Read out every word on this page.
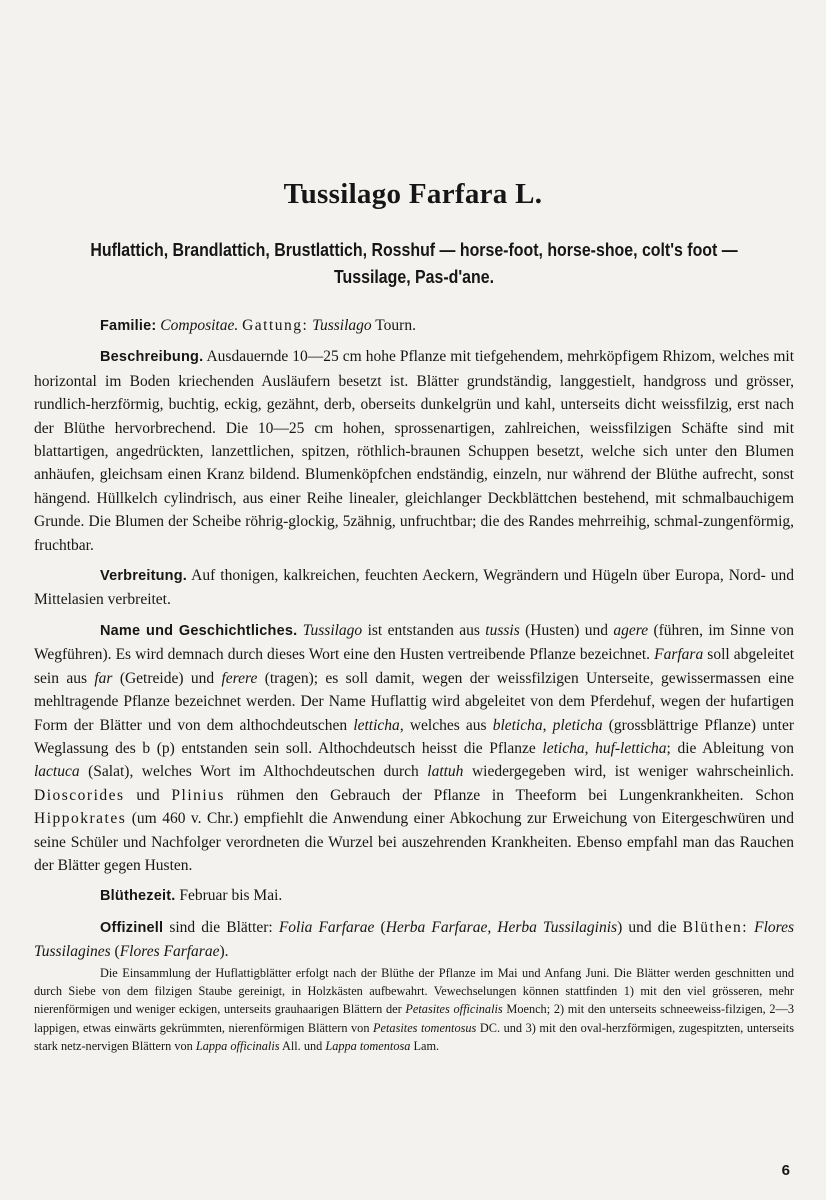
Tussilago Farfara L.
Huflattich, Brandlattich, Brustlattich, Rosshuf — horse-foot, horse-shoe, colt's foot —
Tussilage, Pas-d'ane.

Familie: Compositae. Gattung: Tussilago Tourn.

Beschreibung. Ausdauernde 10—25 cm hohe Pflanze mit tiefgehendem, mehrköpfigem Rhizom, welches mit horizontal im Boden kriechenden Ausläufern besetzt ist. Blätter grundständig, langgestielt, handgross und grösser, rundlich-herzförmig, buchtig, eckig, gezähnt, derb, oberseits dunkelgrün und kahl, unterseits dicht weissfilzig, erst nach der Blüthe hervorbrechend. Die 10—25 cm hohen, sprossenartigen, zahlreichen, weissfilzigen Schäfte sind mit blattartigen, angedrückten, lanzettlichen, spitzen, röthlich-braunen Schuppen besetzt, welche sich unter den Blumen anhäufen, gleichsam einen Kranz bildend. Blumenköpfchen endständig, einzeln, nur während der Blüthe aufrecht, sonst hängend. Hüllkelch cylindrisch, aus einer Reihe linealer, gleichlanger Deckblättchen bestehend, mit schmalbauchigem Grunde. Die Blumen der Scheibe röhrig-glockig, 5zähnig, unfruchtbar; die des Randes mehrreihig, schmal-zungenförmig, fruchtbar.

Verbreitung. Auf thonigen, kalkreichen, feuchten Aeckern, Wegrändern und Hügeln über Europa, Nord- und Mittelasien verbreitet.

Name und Geschichtliches. Tussilago ist entstanden aus tussis (Husten) und agere (führen, im Sinne von Wegführen). Es wird demnach durch dieses Wort eine den Husten vertreibende Pflanze bezeichnet. Farfara soll abgeleitet sein aus far (Getreide) und ferere (tragen); es soll damit, wegen der weissfilzigen Unterseite, gewissermassen eine mehltragende Pflanze bezeichnet werden. Der Name Huflattig wird abgeleitet von dem Pferdehuf, wegen der hufartigen Form der Blätter und von dem althochdeutschen letticha, welches aus bleticha, pleticha (grossblättrige Pflanze) unter Weglassung des b (p) entstanden sein soll. Althochdeutsch heisst die Pflanze leticha, huf-letticha; die Ableitung von lactuca (Salat), welches Wort im Althochdeutschen durch lattuh wiedergegeben wird, ist weniger wahrscheinlich. Dioscorides und Plinius rühmen den Gebrauch der Pflanze in Theeform bei Lungenkrankheiten. Schon Hippokrates (um 460 v. Chr.) empfiehlt die Anwendung einer Abkochung zur Erweichung von Eitergeschwüren und seine Schüler und Nachfolger verordneten die Wurzel bei auszehrenden Krankheiten. Ebenso empfahl man das Rauchen der Blätter gegen Husten.

Blüthezeit. Februar bis Mai.

Offizinell sind die Blätter: Folia Farfarae (Herba Farfarae, Herba Tussilaginis) und die Blüthen: Flores Tussilagines (Flores Farfarae).

Die Einsammlung der Huflattigblätter erfolgt nach der Blüthe der Pflanze im Mai und Anfang Juni. Die Blätter werden geschnitten und durch Siebe von dem filzigen Staube gereinigt, in Holzkästen aufbewahrt. Vewechselungen können stattfinden 1) mit den viel grösseren, mehr nierenförmigen und weniger eckigen, unterseits grauhaarigen Blättern der Petasites officinalis Moench; 2) mit den unterseits schneeweiss-filzigen, 2—3 lappigen, etwas einwärts gekrümmten, nierenförmigen Blättern von Petasites tomentosus DC. und 3) mit den oval-herzförmigen, zugespitzten, unterseits stark netz-nervigen Blättern von Lappa officinalis All. und Lappa tomentosa Lam.

6
